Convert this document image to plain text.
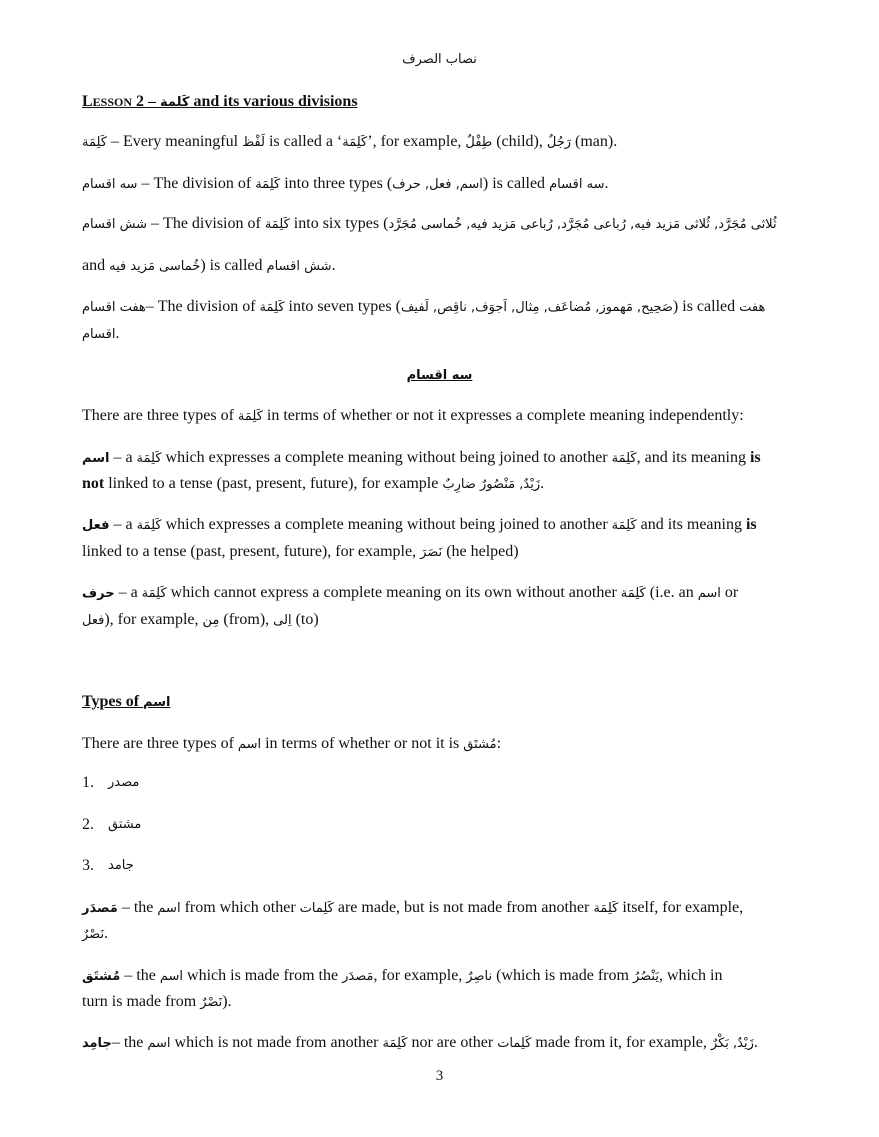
نصاب الصرف
LESSON 2 – كَلمة and its various divisions
كَلِمَة – Every meaningful لَفْظ is called a ‘كَلِمَة’, for example, طِفْلٌ (child), رَجُلٌ (man).
سه اقسام – The division of كَلِمَة into three types (اسم, فعل, حرف) is called سه اقسام.
شش اقسام – The division of كَلِمَة into six types (ثُلاثی مُجَرَّد, ثُلاثی مَزید فیه, رُباعی مُجَرَّد, رُباعی مَزید فیه, خُماسی مُجَرَّد
and خُماسی مَزید فیه) is called شش اقسام.
هفت اقسام– The division of كَلِمَة into seven types (صَحِیح, مَهموز, مُضاعَف, مِثال, اَجوَف, ناقِص, لَفیف) is called هفت
اقسام.
سه اقسام
There are three types of كَلِمَة in terms of whether or not it expresses a complete meaning independently:
اسم – a كَلِمَة which expresses a complete meaning without being joined to another كَلِمَة, and its meaning is
not linked to a tense (past, present, future), for example زَیْدٌ, مَنْصُورٌ ضارِبٌ.
فعل – a كَلِمَة which expresses a complete meaning without being joined to another كَلِمَة and its meaning is
linked to a tense (past, present, future), for example, نَصَرَ (he helped)
حرف – a كَلِمَة which cannot express a complete meaning on its own without another كَلِمَة (i.e. an اسم or
فعل), for example, مِن (from), اِلی (to)
Types of اسم
There are three types of اسم in terms of whether or not it is مُشتَق:
1. مصدر
2. مشتق
3. جامد
مَصدَر – the اسم from which other كَلِمات are made, but is not made from another كَلِمَة itself, for example,
نَصْرٌ.
مُشتَق – the اسم which is made from the مَصدَر, for example, ناصِرٌ (which is made from يَنْصُرُ, which in
turn is made from نَصْرٌ).
جامِد– the اسم which is not made from another كَلِمَة nor are other كَلِمات made from it, for example, زَیْدٌ, بَكْرٌ.
3
